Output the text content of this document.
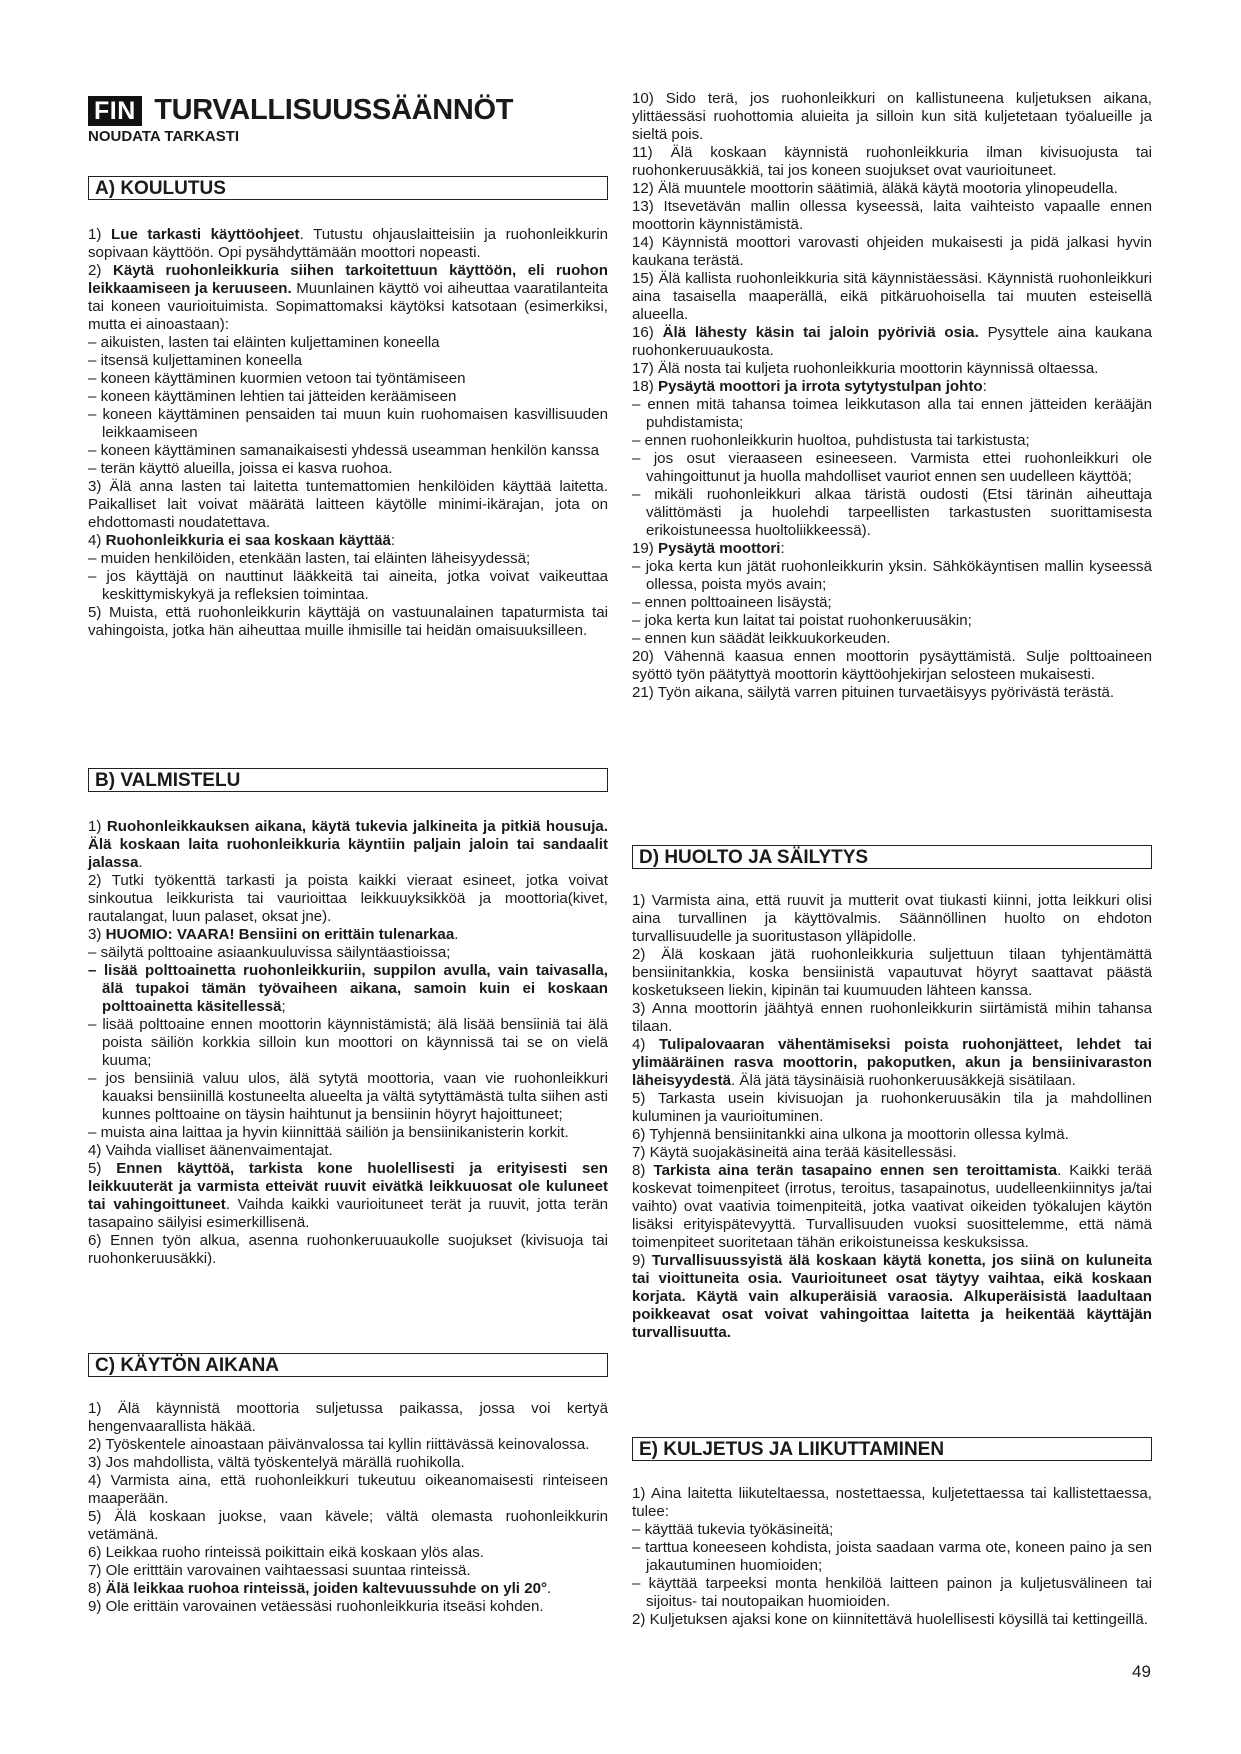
FIN TURVALLISUUSSÄÄNNÖT
NOUDATA TARKASTI
A) KOULUTUS

1) Lue tarkasti käyttöohjeet. Tutustu ohjauslaitteisiin ja ruohonleikkurin sopivaan käyttöön. Opi pysähdyttämään moottori nopeasti.

2) Käytä ruohonleikkuria siihen tarkoitettuun käyttöön, eli ruohon leikkaamiseen ja keruuseen. Muunlainen käyttö voi aiheuttaa vaaratilanteita tai koneen vaurioituimista. Sopimattomaksi käytöksi katsotaan (esimerkiksi, mutta ei ainoastaan):

– aikuisten, lasten tai eläinten kuljettaminen koneella

– itsensä kuljettaminen koneella

– koneen käyttäminen kuormien vetoon tai työntämiseen

– koneen käyttäminen lehtien tai jätteiden keräämiseen

– koneen käyttäminen pensaiden tai muun kuin ruohomaisen kasvillisuuden leikkaamiseen

– koneen käyttäminen samanaikaisesti yhdessä useamman henkilön kanssa

– terän käyttö alueilla, joissa ei kasva ruohoa.

3) Älä anna lasten tai laitetta tuntemattomien henkilöiden käyttää laitetta. Paikalliset lait voivat määrätä laitteen käytölle minimi-ikärajan, jota on ehdottomasti noudatettava.

4) Ruohonleikkuria ei saa koskaan käyttää:

– muiden henkilöiden, etenkään lasten, tai eläinten läheisyydessä;

– jos käyttäjä on nauttinut lääkkeitä tai aineita, jotka voivat vaikeuttaa keskittymiskykyä ja refleksien toimintaa.

5) Muista, että ruohonleikkurin käyttäjä on vastuunalainen tapaturmista tai vahingoista, jotka hän aiheuttaa muille ihmisille tai heidän omaisuuksilleen.

B) VALMISTELU

1) Ruohonleikkauksen aikana, käytä tukevia jalkineita ja pitkiä housuja. Älä koskaan laita ruohonleikkuria käyntiin paljain jaloin tai sandaalit jalassa.

2) Tutki työkenttä tarkasti ja poista kaikki vieraat esineet, jotka voivat sinkoutua leikkurista tai vaurioittaa leikkuuyksikköä ja moottoria(kivet, rautalangat, luun palaset, oksat jne).

3) HUOMIO: VAARA! Bensiini on erittäin tulenarkaa.

– säilytä polttoaine asiaankuuluvissa säilyntäastioissa;

– lisää polttoainetta ruohonleikkuriin, suppilon avulla, vain taivasalla, älä tupakoi tämän työvaiheen aikana, samoin kuin ei koskaan polttoainetta käsitellessä;

– lisää polttoaine ennen moottorin käynnistämistä; älä lisää bensiiniä tai älä poista säiliön korkkia silloin kun moottori on käynnissä tai se on vielä kuuma;

– jos bensiiniä valuu ulos, älä sytytä moottoria, vaan vie ruohonleikkuri kauaksi bensiinillä kostuneelta alueelta ja vältä sytyttämästä tulta siihen asti kunnes polttoaine on täysin haihtunut ja bensiinin höyryt hajoittuneet;

– muista aina laittaa ja hyvin kiinnittää säiliön ja bensiinikanisterin korkit.

4) Vaihda vialliset äänenvaimentajat.

5) Ennen käyttöä, tarkista kone huolellisesti ja erityisesti sen leikkuuterät ja varmista etteivät ruuvit eivätkä leikkuuosat ole kuluneet tai vahingoittuneet. Vaihda kaikki vaurioituneet terät ja ruuvit, jotta terän tasapaino säilyisi esimerkillisenä.

6) Ennen työn alkua, asenna ruohonkeruuaukolle suojukset (kivisuoja tai ruohonkeruusäkki).

C) KÄYTÖN AIKANA

1) Älä käynnistä moottoria suljetussa paikassa, jossa voi kertyä hengenvaarallista häkää.

2) Työskentele ainoastaan päivänvalossa tai kyllin riittävässä keinovalossa.

3) Jos mahdollista, vältä työskentelyä märällä ruohikolla.

4) Varmista aina, että ruohonleikkuri tukeutuu oikeanomaisesti rinteiseen maaperään.

5) Älä koskaan juokse, vaan kävele; vältä olemasta ruohonleikkurin vetämänä.

6) Leikkaa ruoho rinteissä poikittain eikä koskaan ylös alas.

7) Ole eritttäin varovainen vaihtaessasi suuntaa rinteissä.

8) Älä leikkaa ruohoa rinteissä, joiden kaltevuussuhde on yli 20°.

9) Ole erittäin varovainen vetäessäsi ruohonleikkuria itseäsi kohden.

10) Sido terä, jos ruohonleikkuri on kallistuneena kuljetuksen aikana, ylittäessäsi ruohottomia aluieita ja silloin kun sitä kuljetetaan työalueille ja sieltä pois.

11) Älä koskaan käynnistä ruohonleikkuria ilman kivisuojusta tai ruohonkeruusäkkiä, tai jos koneen suojukset ovat vaurioituneet.

12) Älä muuntele moottorin säätimiä, äläkä käytä mootoria ylinopeudella.

13) Itsevetävän mallin ollessa kyseessä, laita vaihteisto vapaalle ennen moottorin käynnistämistä.

14) Käynnistä moottori varovasti ohjeiden mukaisesti ja pidä jalkasi hyvin kaukana terästä.

15) Älä kallista ruohonleikkuria sitä käynnistäessäsi. Käynnistä ruohonleikkuri aina tasaisella maaperällä, eikä pitkäruohoisella tai muuten esteisellä alueella.

16) Älä lähesty käsin tai jaloin pyöriviä osia. Pysyttele aina kaukana ruohonkeruuaukosta.

17) Älä nosta tai kuljeta ruohonleikkuria moottorin käynnissä oltaessa.

18) Pysäytä moottori ja irrota sytytystulpan johto:

– ennen mitä tahansa toimea leikkutason alla tai ennen jätteiden kerääjän puhdistamista;

– ennen ruohonleikkurin huoltoa, puhdistusta tai tarkistusta;

– jos osut vieraaseen esineeseen. Varmista ettei ruohonleikkuri ole vahingoittunut ja huolla mahdolliset vauriot ennen sen uudelleen käyttöä;

– mikäli ruohonleikkuri alkaa täristä oudosti (Etsi tärinän aiheuttaja välittömästi ja huolehdi tarpeellisten tarkastusten suorittamisesta erikoistuneessa huoltoliikkeessä).

19) Pysäytä moottori:

– joka kerta kun jätät ruohonleikkurin yksin. Sähkökäyntisen mallin kyseessä ollessa, poista myös avain;

– ennen polttoaineen lisäystä;

– joka kerta kun laitat tai poistat ruohonkeruusäkin;

– ennen kun säädät leikkuukorkeuden.

20) Vähennä kaasua ennen moottorin pysäyttämistä. Sulje polttoaineen syöttö työn päätyttyä moottorin käyttöohjekirjan selosteen mukaisesti.

21) Työn aikana, säilytä varren pituinen turvaetäisyys pyörivästä terästä.

D) HUOLTO JA SÄILYTYS

1) Varmista aina, että ruuvit ja mutterit ovat tiukasti kiinni, jotta leikkuri olisi aina turvallinen ja käyttövalmis. Säännöllinen huolto on ehdoton turvallisuudelle ja suoritustason ylläpidolle.

2) Älä koskaan jätä ruohonleikkuria suljettuun tilaan tyhjentämättä bensiinitankkia, koska bensiinistä vapautuvat höyryt saattavat päästä kosketukseen liekin, kipinän tai kuumuuden lähteen kanssa.

3) Anna moottorin jäähtyä ennen ruohonleikkurin siirtämistä mihin tahansa tilaan.

4) Tulipalovaaran vähentämiseksi poista ruohonjätteet, lehdet tai ylimääräinen rasva moottorin, pakoputken, akun ja bensiinivaraston läheisyydestä. Älä jätä täysinäisiä ruohonkeruusäkkejä sisätilaan.

5) Tarkasta usein kivisuojan ja ruohonkeruusäkin tila ja mahdollinen kuluminen ja vaurioituminen.

6) Tyhjennä bensiinitankki aina ulkona ja moottorin ollessa kylmä.

7) Käytä suojakäsineitä aina terää käsitellessäsi.

8) Tarkista aina terän tasapaino ennen sen teroittamista. Kaikki terää koskevat toimenpiteet (irrotus, teroitus, tasapainotus, uudelleenkiinnitys ja/tai vaihto) ovat vaativia toimenpiteitä, jotka vaativat oikeiden työkalujen käytön lisäksi erityispätevyyttä. Turvallisuuden vuoksi suosittelemme, että nämä toimenpiteet suoritetaan tähän erikoistuneissa keskuksissa.

9) Turvallisuussyistä älä koskaan käytä konetta, jos siinä on kuluneita tai vioittuneita osia. Vaurioituneet osat täytyy vaihtaa, eikä koskaan korjata. Käytä vain alkuperäisiä varaosia. Alkuperäisistä laadultaan poikkeavat osat voivat vahingoittaa laitetta ja heikentää käyttäjän turvallisuutta.

E) KULJETUS JA LIIKUTTAMINEN

1) Aina laitetta liikuteltaessa, nostettaessa, kuljetettaessa tai kallistettaessa, tulee:

– käyttää tukevia työkäsineitä;

– tarttua koneeseen kohdista, joista saadaan varma ote, koneen paino ja sen jakautuminen huomioiden;

– käyttää tarpeeksi monta henkilöä laitteen painon ja kuljetusvälineen tai sijoitus- tai noutopaikan huomioiden.

2) Kuljetuksen ajaksi kone on kiinnitettävä huolellisesti köysillä tai kettingeillä.

49
